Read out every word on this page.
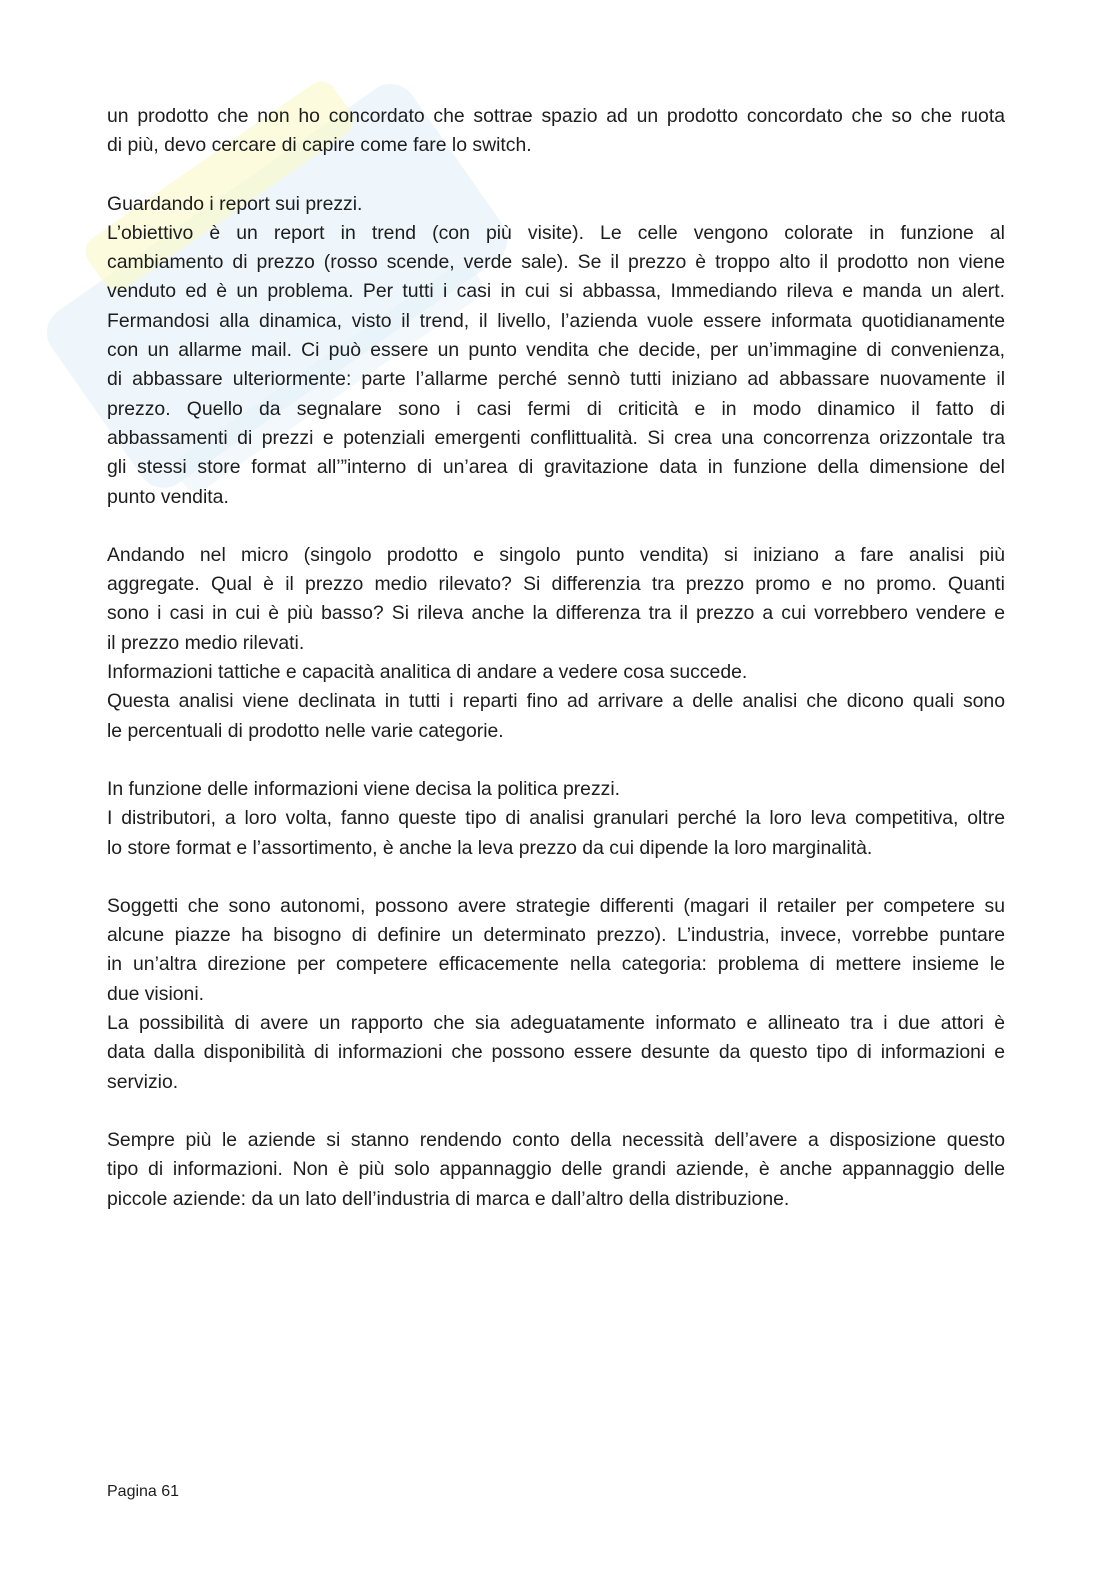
un prodotto che non ho concordato che sottrae spazio ad un prodotto concordato che so che ruota
di più, devo cercare di capire come fare lo switch.
Guardando i report sui prezzi.
L’obiettivo è un report in trend (con più visite). Le celle vengono colorate in funzione al
cambiamento di prezzo (rosso scende, verde sale). Se il prezzo è troppo alto il prodotto non viene
venduto ed è un problema. Per tutti i casi in cui si abbassa, Immediando rileva e manda un alert.
Fermandosi alla dinamica, visto il trend, il livello, l’azienda vuole essere informata quotidianamente
con un allarme mail. Ci può essere un punto vendita che decide, per un’immagine di convenienza,
di abbassare ulteriormente: parte l’allarme perché sennò tutti iniziano ad abbassare nuovamente il
prezzo. Quello da segnalare sono i casi fermi di criticità e in modo dinamico il fatto di
abbassamenti di prezzi e potenziali emergenti conflittualità. Si crea una concorrenza orizzontale tra
gli stessi store format all’”interno di un’area di gravitazione data in funzione della dimensione del
punto vendita.
Andando nel micro (singolo prodotto e singolo punto vendita) si iniziano a fare analisi più
aggregate. Qual è il prezzo medio rilevato? Si differenzia tra prezzo promo e no promo. Quanti
sono i casi in cui è più basso? Si rileva anche la differenza tra il prezzo a cui vorrebbero vendere e
il prezzo medio rilevati.
Informazioni tattiche e capacità analitica di andare a vedere cosa succede.
Questa analisi viene declinata in tutti i reparti fino ad arrivare a delle analisi che dicono quali sono
le percentuali di prodotto nelle varie categorie.
In funzione delle informazioni viene decisa la politica prezzi.
I distributori, a loro volta, fanno queste tipo di analisi granulari perché la loro leva competitiva, oltre
lo store format e l’assortimento, è anche la leva prezzo da cui dipende la loro marginalità.
Soggetti che sono autonomi, possono avere strategie differenti (magari il retailer per competere su
alcune piazze ha bisogno di definire un determinato prezzo). L’industria, invece, vorrebbe puntare
in un’altra direzione per competere efficacemente nella categoria: problema di mettere insieme le
due visioni.
La possibilità di avere un rapporto che sia adeguatamente informato e allineato tra i due attori è
data dalla disponibilità di informazioni che possono essere desunte da questo tipo di informazioni e
servizio.
Sempre più le aziende si stanno rendendo conto della necessità dell’avere a disposizione questo
tipo di informazioni. Non è più solo appannaggio delle grandi aziende, è anche appannaggio delle
piccole aziende: da un lato dell’industria di marca e dall’altro della distribuzione.
Pagina 61
